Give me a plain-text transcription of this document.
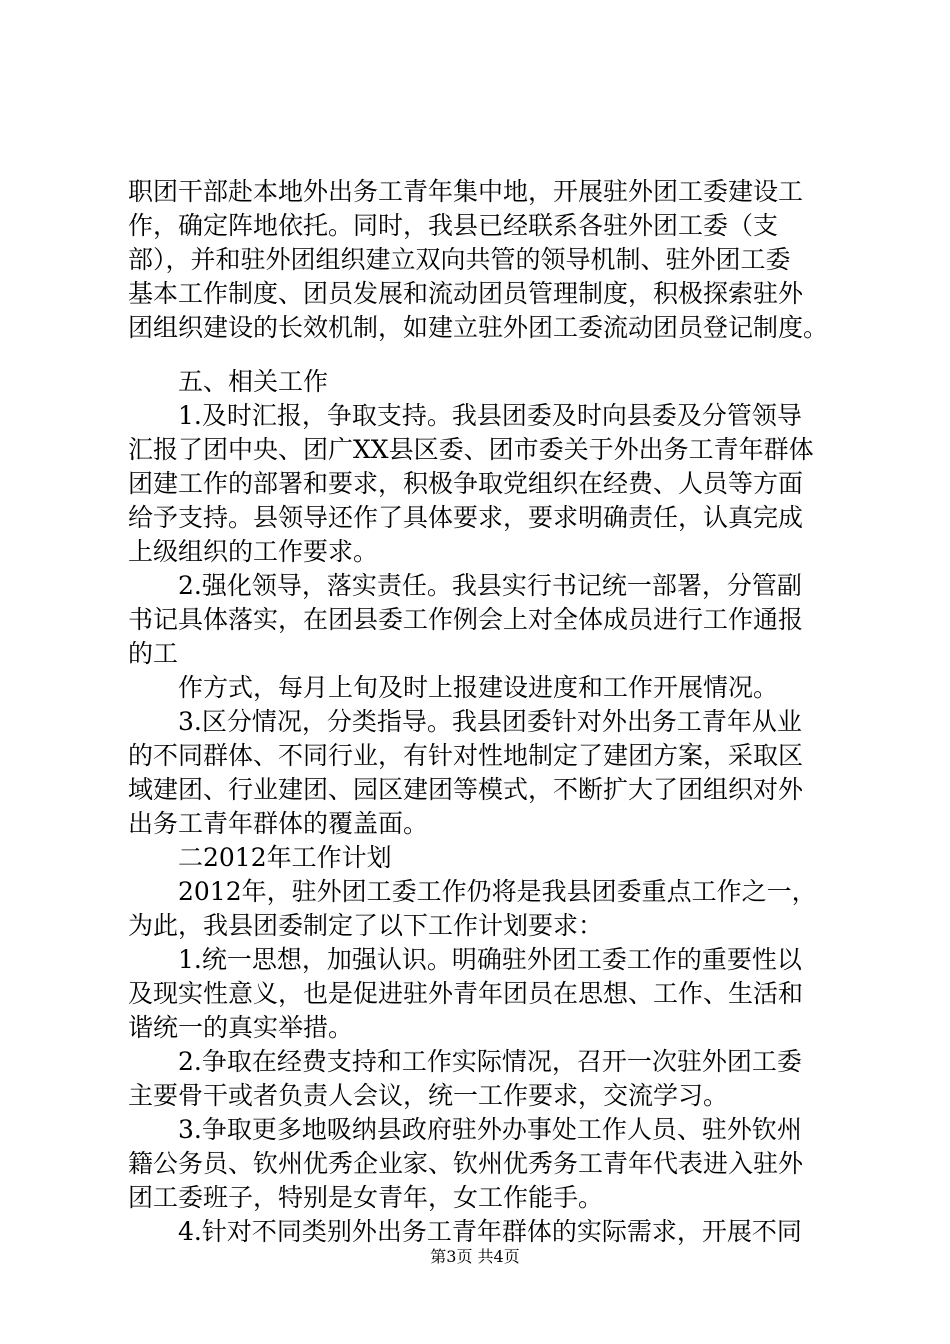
职团干部赴本地外出务工青年集中地，开展驻外团工委建设工
作，确定阵地依托。同时，我县已经联系各驻外团工委（支
部），并和驻外团组织建立双向共管的领导机制、驻外团工委
基本工作制度、团员发展和流动团员管理制度，积极探索驻外
团组织建设的长效机制，如建立驻外团工委流动团员登记制度。
五、相关工作
1.及时汇报，争取支持。我县团委及时向县委及分管领导
汇报了团中央、团广XX县区委、团市委关于外出务工青年群体
团建工作的部署和要求，积极争取党组织在经费、人员等方面
给予支持。县领导还作了具体要求，要求明确责任，认真完成
上级组织的工作要求。
2.强化领导，落实责任。我县实行书记统一部署，分管副
书记具体落实，在团县委工作例会上对全体成员进行工作通报
的工
作方式，每月上旬及时上报建设进度和工作开展情况。
3.区分情况，分类指导。我县团委针对外出务工青年从业
的不同群体、不同行业，有针对性地制定了建团方案，采取区
域建团、行业建团、园区建团等模式，不断扩大了团组织对外
出务工青年群体的覆盖面。
二2012年工作计划
2012年，驻外团工委工作仍将是我县团委重点工作之一，
为此，我县团委制定了以下工作计划要求：
1.统一思想，加强认识。明确驻外团工委工作的重要性以
及现实性意义，也是促进驻外青年团员在思想、工作、生活和
谐统一的真实举措。
2.争取在经费支持和工作实际情况，召开一次驻外团工委
主要骨干或者负责人会议，统一工作要求，交流学习。
3.争取更多地吸纳县政府驻外办事处工作人员、驻外钦州
籍公务员、钦州优秀企业家、钦州优秀务工青年代表进入驻外
团工委班子，特别是女青年，女工作能手。
4.针对不同类别外出务工青年群体的实际需求，开展不同
第3页 共4页
